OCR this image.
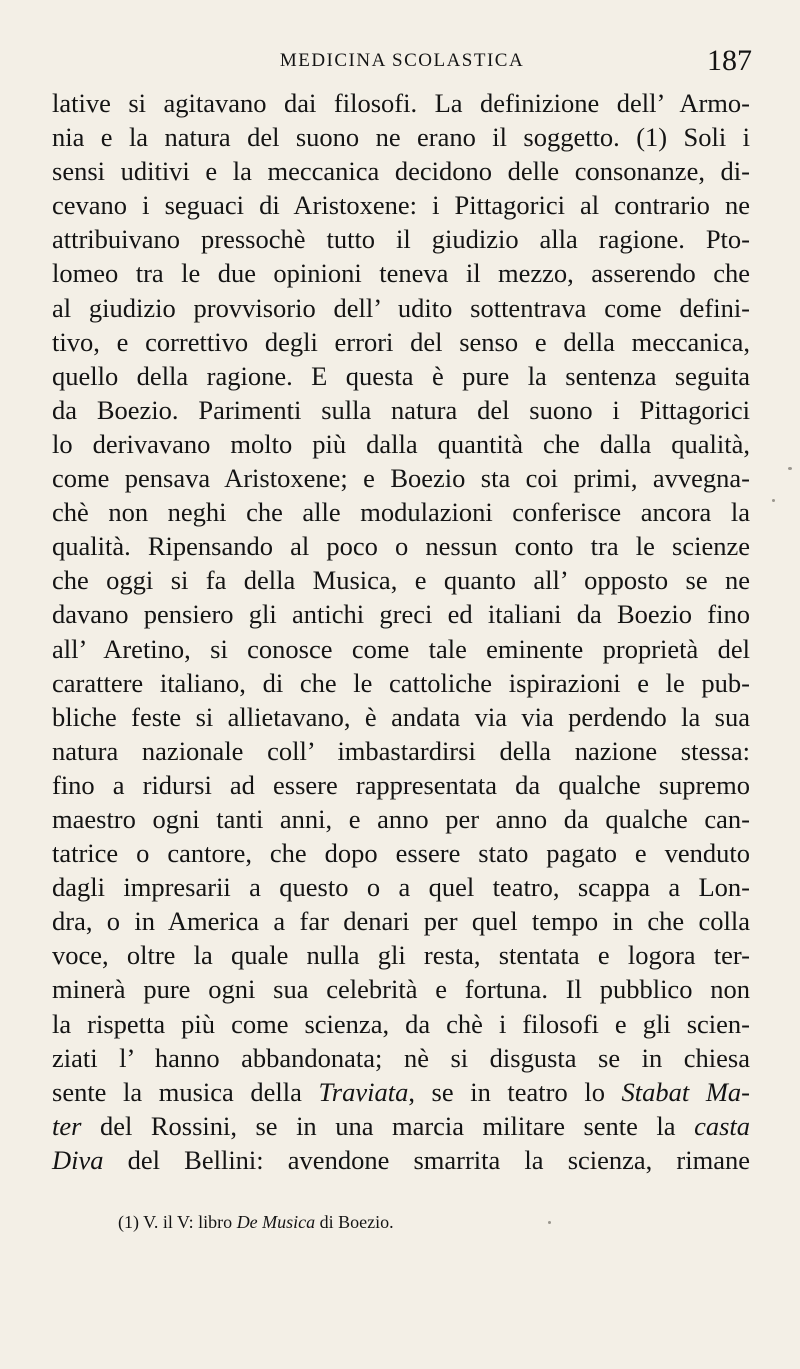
MEDICINA SCOLASTICA	187
lative si agitavano dai filosofi. La definizione dell’ Armo-
nia e la natura del suono ne erano il soggetto. (1) Soli i
sensi uditivi e la meccanica decidono delle consonanze, di-
cevano i seguaci di Aristoxene: i Pittagorici al contrario ne
attribuivano pressochè tutto il giudizio alla ragione. Pto-
lomeo tra le due opinioni teneva il mezzo, asserendo che
al giudizio provvisorio dell’ udito sottentrava come defini-
tivo, e correttivo degli errori del senso e della meccanica,
quello della ragione. E questa è pure la sentenza seguita
da Boezio. Parimenti sulla natura del suono i Pittagorici
lo derivavano molto più dalla quantità che dalla qualità,
come pensava Aristoxene; e Boezio sta coi primi, avvegna-
chè non neghi che alle modulazioni conferisce ancora la
qualità. Ripensando al poco o nessun conto tra le scienze
che oggi si fa della Musica, e quanto all’ opposto se ne
davano pensiero gli antichi greci ed italiani da Boezio fino
all’ Aretino, si conosce come tale eminente proprietà del
carattere italiano, di che le cattoliche ispirazioni e le pub-
bliche feste si allietavano, è andata via via perdendo la sua
natura nazionale coll’ imbastardirsi della nazione stessa:
fino a ridursi ad essere rappresentata da qualche supremo
maestro ogni tanti anni, e anno per anno da qualche can-
tatrice o cantore, che dopo essere stato pagato e venduto
dagli impresarii a questo o a quel teatro, scappa a Lon-
dra, o in America a far denari per quel tempo in che colla
voce, oltre la quale nulla gli resta, stentata e logora ter-
minerà pure ogni sua celebrità e fortuna. Il pubblico non
la rispetta più come scienza, da chè i filosofi e gli scien-
ziati l’ hanno abbandonata; nè si disgusta se in chiesa
sente la musica della Traviata, se in teatro lo Stabat Ma-
ter del Rossini, se in una marcia militare sente la casta
Diva del Bellini: avendone smarrita la scienza, rimane
(1) V. il V: libro De Musica di Boezio.
